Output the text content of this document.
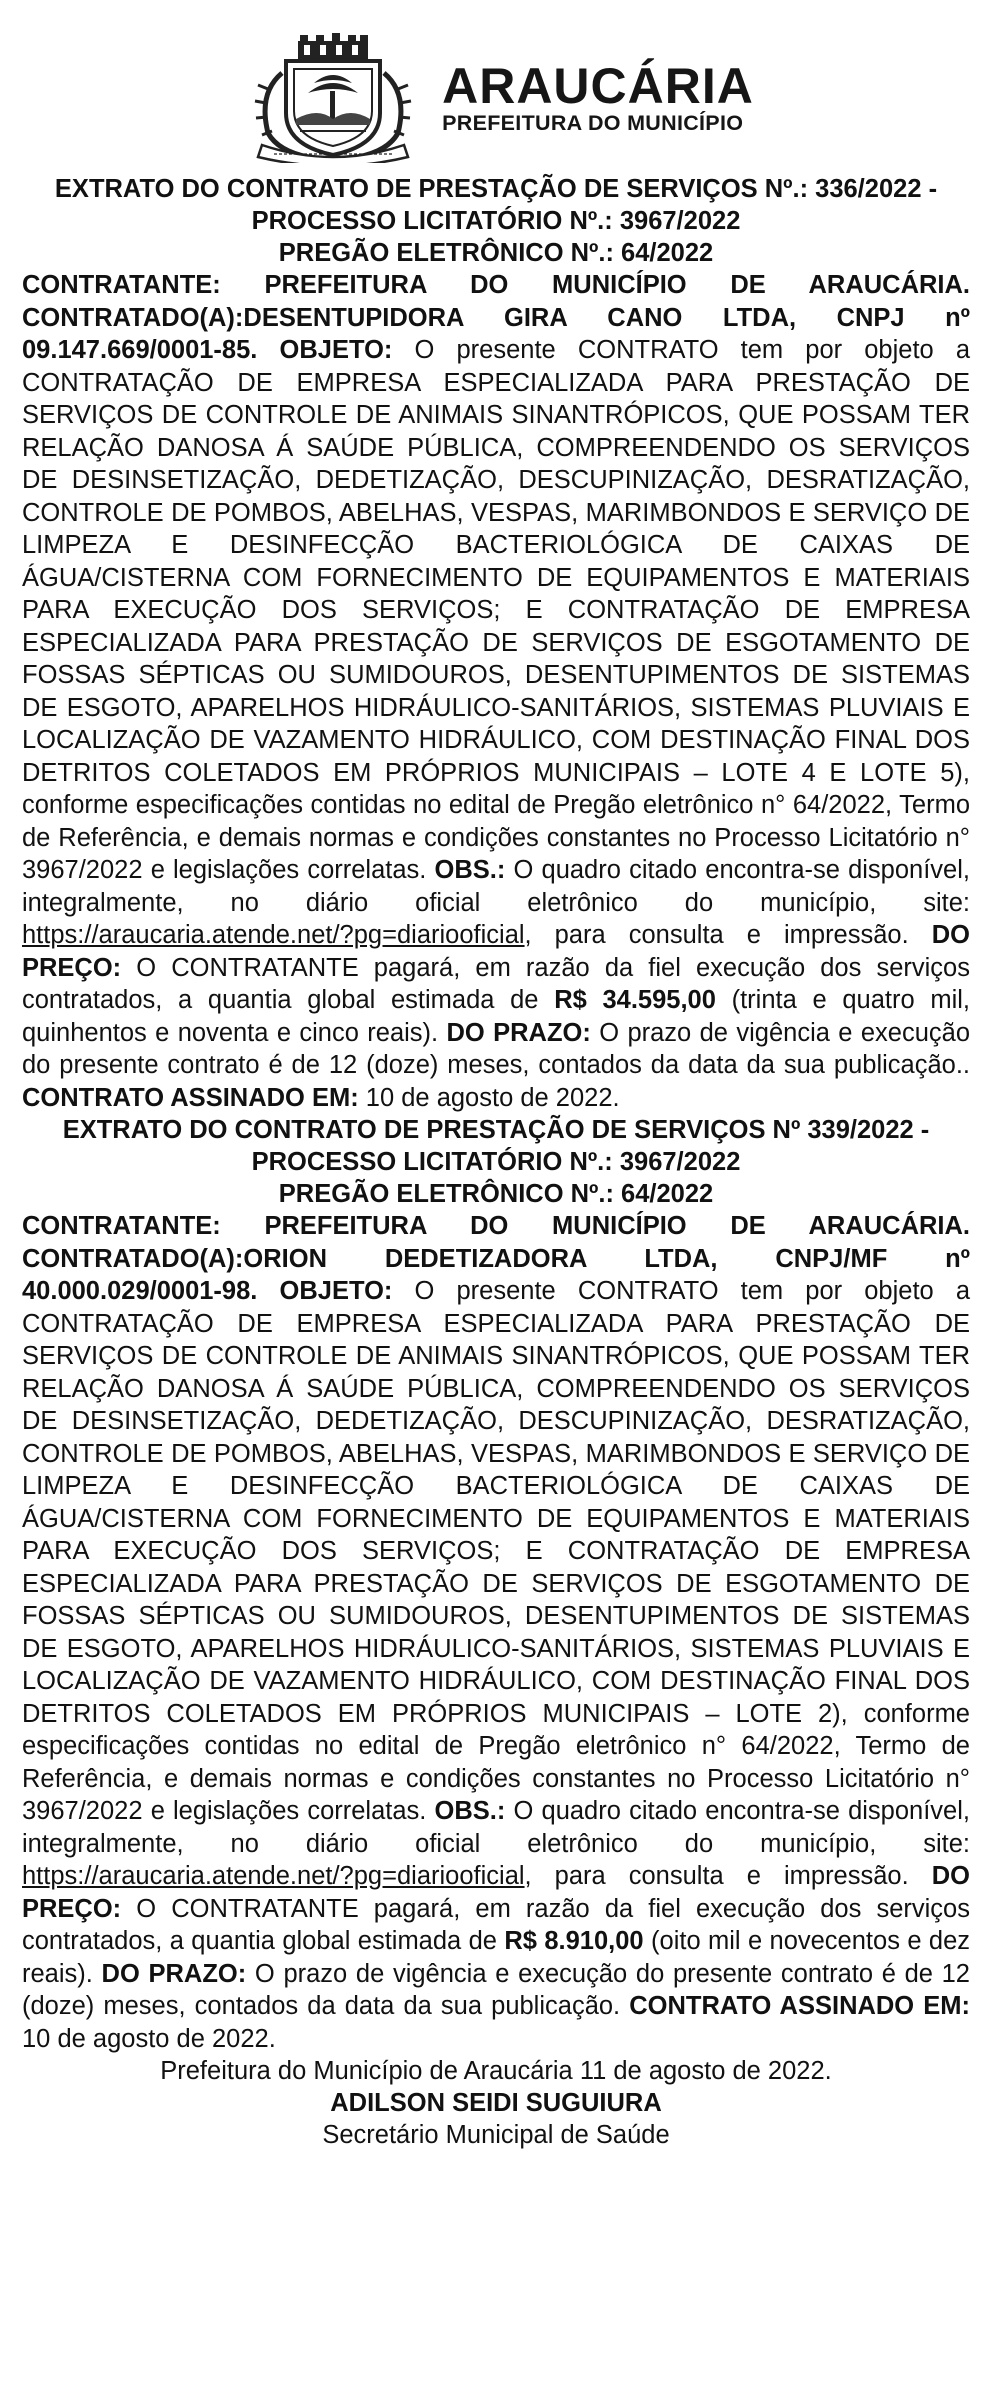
ARAUCÁRIA
PREFEITURA DO MUNICÍPIO
EXTRATO DO CONTRATO DE PRESTAÇÃO DE SERVIÇOS Nº.: 336/2022 - PROCESSO LICITATÓRIO Nº.: 3967/2022
PREGÃO ELETRÔNICO Nº.: 64/2022
CONTRATANTE: PREFEITURA DO MUNICÍPIO DE ARAUCÁRIA. CONTRATADO(A):DESENTUPIDORA GIRA CANO LTDA, CNPJ nº 09.147.669/0001-85. OBJETO: O presente CONTRATO tem por objeto a CONTRATAÇÃO DE EMPRESA ESPECIALIZADA PARA PRESTAÇÃO DE SERVIÇOS DE CONTROLE DE ANIMAIS SINANTRÓPICOS, QUE POSSAM TER RELAÇÃO DANOSA Á SAÚDE PÚBLICA, COMPREENDENDO OS SERVIÇOS DE DESINSETIZAÇÃO, DEDETIZAÇÃO, DESCUPINIZAÇÃO, DESRATIZAÇÃO, CONTROLE DE POMBOS, ABELHAS, VESPAS, MARIMBONDOS E SERVIÇO DE LIMPEZA E DESINFECÇÃO BACTERIOLÓGICA DE CAIXAS DE ÁGUA/CISTERNA COM FORNECIMENTO DE EQUIPAMENTOS E MATERIAIS PARA EXECUÇÃO DOS SERVIÇOS; E CONTRATAÇÃO DE EMPRESA ESPECIALIZADA PARA PRESTAÇÃO DE SERVIÇOS DE ESGOTAMENTO DE FOSSAS SÉPTICAS OU SUMIDOUROS, DESENTUPIMENTOS DE SISTEMAS DE ESGOTO, APARELHOS HIDRÁULICO-SANITÁRIOS, SISTEMAS PLUVIAIS E LOCALIZAÇÃO DE VAZAMENTO HIDRÁULICO, COM DESTINAÇÃO FINAL DOS DETRITOS COLETADOS EM PRÓPRIOS MUNICIPAIS – LOTE 4 E LOTE 5), conforme especificações contidas no edital de Pregão eletrônico n° 64/2022, Termo de Referência, e demais normas e condições constantes no Processo Licitatório n° 3967/2022 e legislações correlatas. OBS.: O quadro citado encontra-se disponível, integralmente, no diário oficial eletrônico do município, site: https://araucaria.atende.net/?pg=diariooficial, para consulta e impressão. DO PREÇO: O CONTRATANTE pagará, em razão da fiel execução dos serviços contratados, a quantia global estimada de R$ 34.595,00 (trinta e quatro mil, quinhentos e noventa e cinco reais). DO PRAZO: O prazo de vigência e execução do presente contrato é de 12 (doze) meses, contados da data da sua publicação.. CONTRATO ASSINADO EM: 10 de agosto de 2022.
EXTRATO DO CONTRATO DE PRESTAÇÃO DE SERVIÇOS Nº 339/2022 - PROCESSO LICITATÓRIO Nº.: 3967/2022
PREGÃO ELETRÔNICO Nº.: 64/2022
CONTRATANTE: PREFEITURA DO MUNICÍPIO DE ARAUCÁRIA. CONTRATADO(A):ORION DEDETIZADORA LTDA, CNPJ/MF nº 40.000.029/0001-98. OBJETO: O presente CONTRATO tem por objeto a CONTRATAÇÃO DE EMPRESA ESPECIALIZADA PARA PRESTAÇÃO DE SERVIÇOS DE CONTROLE DE ANIMAIS SINANTRÓPICOS, QUE POSSAM TER RELAÇÃO DANOSA Á SAÚDE PÚBLICA, COMPREENDENDO OS SERVIÇOS DE DESINSETIZAÇÃO, DEDETIZAÇÃO, DESCUPINIZAÇÃO, DESRATIZAÇÃO, CONTROLE DE POMBOS, ABELHAS, VESPAS, MARIMBONDOS E SERVIÇO DE LIMPEZA E DESINFECÇÃO BACTERIOLÓGICA DE CAIXAS DE ÁGUA/CISTERNA COM FORNECIMENTO DE EQUIPAMENTOS E MATERIAIS PARA EXECUÇÃO DOS SERVIÇOS; E CONTRATAÇÃO DE EMPRESA ESPECIALIZADA PARA PRESTAÇÃO DE SERVIÇOS DE ESGOTAMENTO DE FOSSAS SÉPTICAS OU SUMIDOUROS, DESENTUPIMENTOS DE SISTEMAS DE ESGOTO, APARELHOS HIDRÁULICO-SANITÁRIOS, SISTEMAS PLUVIAIS E LOCALIZAÇÃO DE VAZAMENTO HIDRÁULICO, COM DESTINAÇÃO FINAL DOS DETRITOS COLETADOS EM PRÓPRIOS MUNICIPAIS – LOTE 2), conforme especificações contidas no edital de Pregão eletrônico n° 64/2022, Termo de Referência, e demais normas e condições constantes no Processo Licitatório n° 3967/2022 e legislações correlatas. OBS.: O quadro citado encontra-se disponível, integralmente, no diário oficial eletrônico do município, site: https://araucaria.atende.net/?pg=diariooficial, para consulta e impressão. DO PREÇO: O CONTRATANTE pagará, em razão da fiel execução dos serviços contratados, a quantia global estimada de R$ 8.910,00 (oito mil e novecentos e dez reais). DO PRAZO: O prazo de vigência e execução do presente contrato é de 12 (doze) meses, contados da data da sua publicação. CONTRATO ASSINADO EM: 10 de agosto de 2022.
Prefeitura do Município de Araucária 11 de agosto de 2022.
ADILSON SEIDI SUGUIURA
Secretário Municipal de Saúde
